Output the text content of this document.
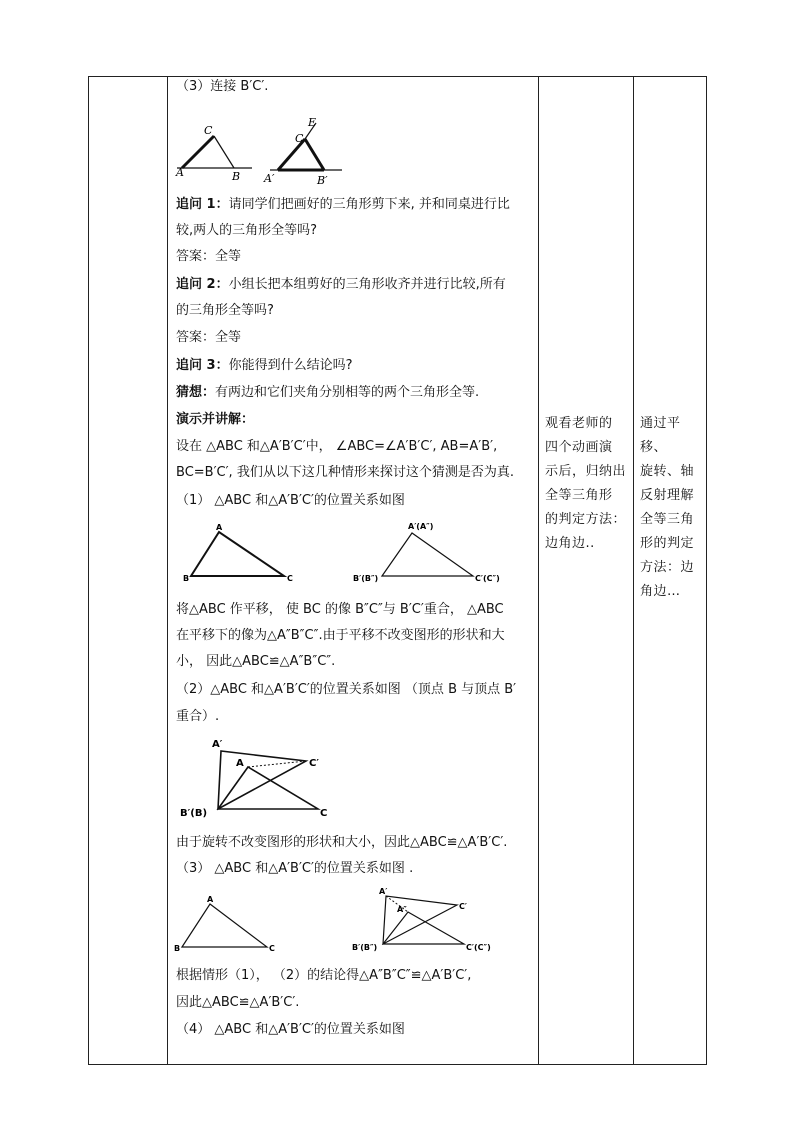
（3）连接 B′C′.
C
A	B
E
C
A′	B′
追问 1：请同学们把画好的三角形剪下来, 并和同桌进行比
较,两人的三角形全等吗?
答案：全等
追问 2：小组长把本组剪好的三角形收齐并进行比较,所有
的三角形全等吗?
答案：全等
追问 3：你能得到什么结论吗?
猜想：有两边和它们夹角分别相等的两个三角形全等.
演示并讲解：
设在 △ABC 和△A′B′C′中， ∠ABC=∠A′B′C′, AB=A′B′,
BC=B′C′, 我们从以下这几种情形来探讨这个猜测是否为真.
（1） △ABC 和△A′B′C′的位置关系如图
A
B	C
A′(A″)
B′(B″)	C′(C″)
将△ABC 作平移， 使 BC 的像 B″C″与 B′C′重合， △ABC
在平移下的像为△A″B″C″.由于平移不改变图形的形状和大
小， 因此△ABC≌△A″B″C″.
（2）△ABC 和△A′B′C′的位置关系如图 （顶点 B 与顶点 B′
重合）.
A′
A	C′
B′(B)	C
由于旋转不改变图形的形状和大小，因此△ABC≌△A′B′C′.
（3） △ABC 和△A′B′C′的位置关系如图 .
A
B	C
A′
A″	C′
B′(B″)	C′(C″)
根据情形（1）， （2）的结论得△A″B″C″≌△A′B′C′,
因此△ABC≌△A′B′C′.
（4） △ABC 和△A′B′C′的位置关系如图
观看老师的
四个动画演
示后，归纳出
全等三角形
的判定方法：
边角边..
通过平移、
旋转、轴
反射理解
全等三角
形的判定
方法：边
角边…
